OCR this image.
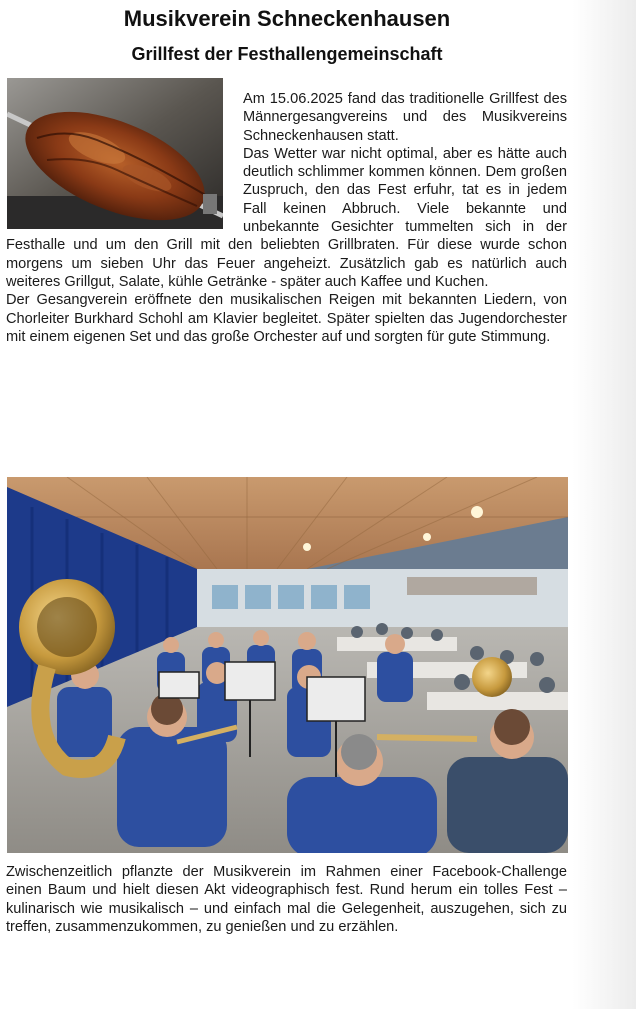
Musikverein Schneckenhausen
Grillfest der Festhallengemeinschaft

Am 15.06.2025 fand das traditionelle Grillfest des Männergesangvereins und des Musikvereins Schneckenhausen statt.

Das Wetter war nicht optimal, aber es hätte auch deutlich schlimmer kommen können. Dem großen Zuspruch, den das Fest erfuhr, tat es in jedem Fall keinen Abbruch. Viele bekannte und unbekannte Gesichter tummelten sich in der Festhalle und um den Grill mit den beliebten Grillbraten. Für diese wurde schon morgens um sieben Uhr das Feuer angeheizt. Zusätzlich gab es natürlich auch weiteres Grillgut, Salate, kühle Getränke - später auch Kaffee und Kuchen.

Der Gesangverein eröffnete den musikalischen Reigen mit bekannten Liedern, von Chorleiter Burkhard Schohl am Klavier begleitet. Später spielten das Jugendorchester mit einem eigenen Set und das große Orchester auf und sorgten für gute Stimmung.

Zwischenzeitlich pflanzte der Musikverein im Rahmen einer Facebook-Challenge einen Baum und hielt diesen Akt videographisch fest. Rund herum ein tolles Fest – kulinarisch wie musikalisch – und einfach mal die Gelegenheit, auszugehen, sich zu treffen, zusammenzukommen, zu genießen und zu erzählen.
